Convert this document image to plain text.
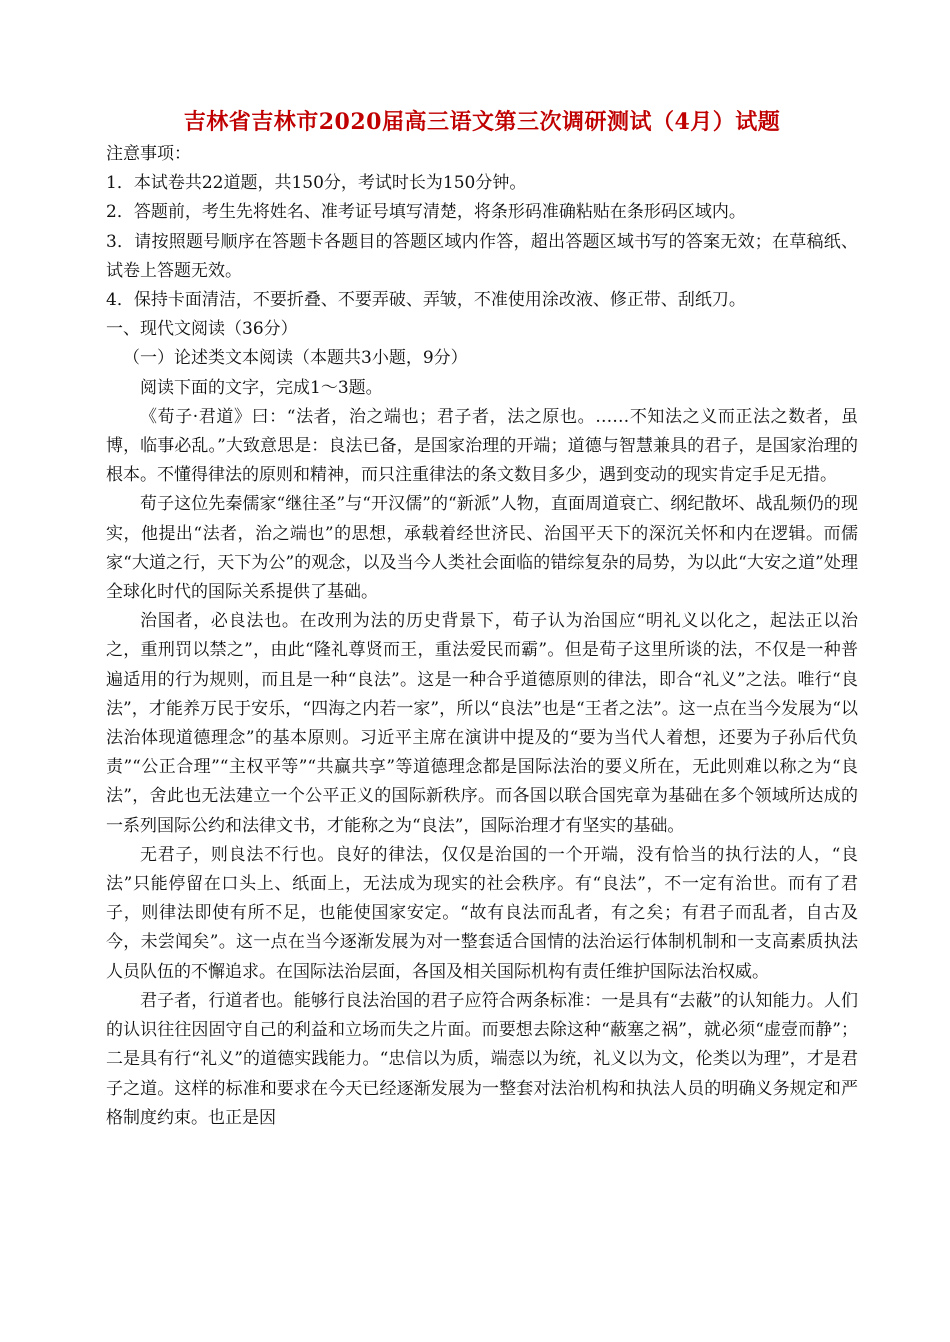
吉林省吉林市2020届高三语文第三次调研测试（4月）试题

注意事项：

1．本试卷共22道题，共150分，考试时长为150分钟。

2．答题前，考生先将姓名、准考证号填写清楚，将条形码准确粘贴在条形码区域内。

3．请按照题号顺序在答题卡各题目的答题区域内作答，超出答题区域书写的答案无效；在草稿纸、试卷上答题无效。

4．保持卡面清洁，不要折叠、不要弄破、弄皱，不准使用涂改液、修正带、刮纸刀。

一、现代文阅读（36分）

（一）论述类文本阅读（本题共3小题，9分）

阅读下面的文字，完成1～3题。

《荀子·君道》曰：“法者，治之端也；君子者，法之原也。……不知法之义而正法之数者，虽博，临事必乱。”大致意思是：良法已备，是国家治理的开端；道德与智慧兼具的君子，是国家治理的根本。不懂得律法的原则和精神，而只注重律法的条文数目多少，遇到变动的现实肯定手足无措。

荀子这位先秦儒家“继往圣”与“开汉儒”的“新派”人物，直面周道衰亡、纲纪散坏、战乱频仍的现实，他提出“法者，治之端也”的思想，承载着经世济民、治国平天下的深沉关怀和内在逻辑。而儒家“大道之行，天下为公”的观念，以及当今人类社会面临的错综复杂的局势，为以此“大安之道”处理全球化时代的国际关系提供了基础。

治国者，必良法也。在改刑为法的历史背景下，荀子认为治国应“明礼义以化之，起法正以治之，重刑罚以禁之”，由此“隆礼尊贤而王，重法爱民而霸”。但是荀子这里所谈的法，不仅是一种普遍适用的行为规则，而且是一种“良法”。这是一种合乎道德原则的律法，即合“礼义”之法。唯行“良法”，才能养万民于安乐，“四海之内若一家”，所以“良法”也是“王者之法”。这一点在当今发展为“以法治体现道德理念”的基本原则。习近平主席在演讲中提及的“要为当代人着想，还要为子孙后代负责”“公正合理”“主权平等”“共赢共享”等道德理念都是国际法治的要义所在，无此则难以称之为“良法”，舍此也无法建立一个公平正义的国际新秩序。而各国以联合国宪章为基础在多个领域所达成的一系列国际公约和法律文书，才能称之为“良法”，国际治理才有坚实的基础。

无君子，则良法不行也。良好的律法，仅仅是治国的一个开端，没有恰当的执行法的人，“良法”只能停留在口头上、纸面上，无法成为现实的社会秩序。有“良法”，不一定有治世。而有了君子，则律法即使有所不足，也能使国家安定。“故有良法而乱者，有之矣；有君子而乱者，自古及今，未尝闻矣”。这一点在当今逐渐发展为对一整套适合国情的法治运行体制机制和一支高素质执法人员队伍的不懈追求。在国际法治层面，各国及相关国际机构有责任维护国际法治权威。

君子者，行道者也。能够行良法治国的君子应符合两条标准：一是具有“去蔽”的认知能力。人们的认识往往因固守自己的利益和立场而失之片面。而要想去除这种“蔽塞之祸”，就必须“虚壹而静”；二是具有行“礼义”的道德实践能力。“忠信以为质，端悫以为统，礼义以为文，伦类以为理”，才是君子之道。这样的标准和要求在今天已经逐渐发展为一整套对法治机构和执法人员的明确义务规定和严格制度约束。也正是因
